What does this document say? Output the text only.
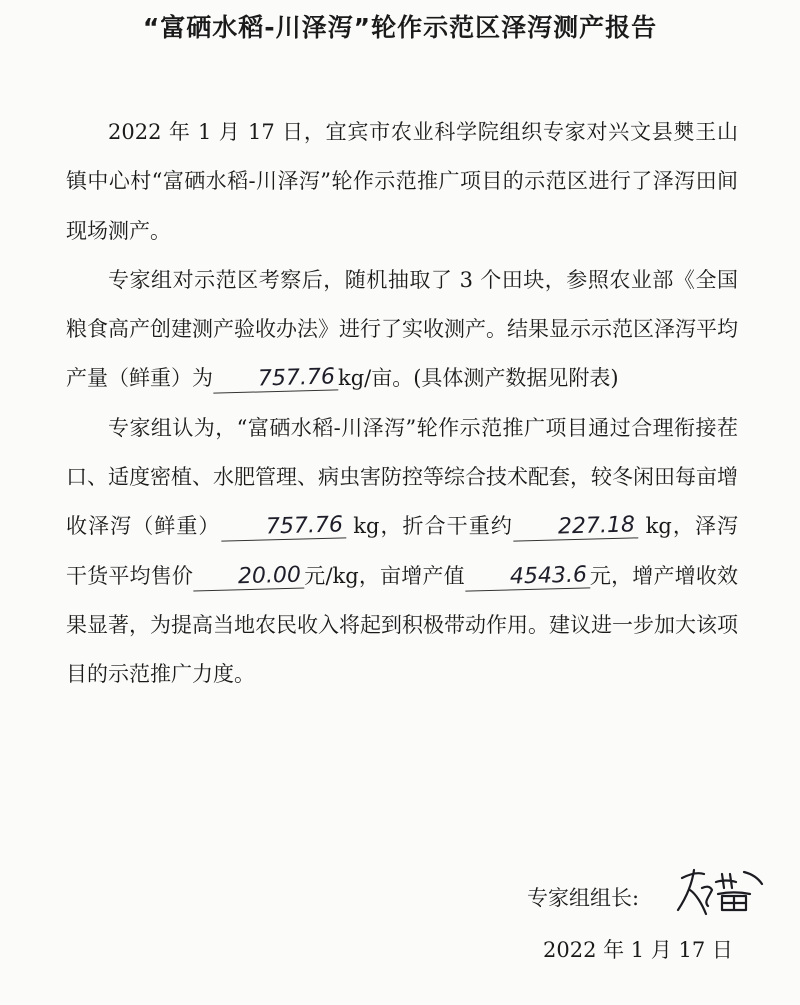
“富硒水稻-川泽泻”轮作示范区泽泻测产报告

2022 年 1 月 17 日，宜宾市农业科学院组织专家对兴文县僰王山镇中心村“富硒水稻-川泽泻”轮作示范推广项目的示范区进行了泽泻田间现场测产。

专家组对示范区考察后，随机抽取了 3 个田块，参照农业部《全国粮食高产创建测产验收办法》进行了实收测产。结果显示示范区泽泻平均产量（鲜重）为 757.76 kg/亩。(具体测产数据见附表)

专家组认为，“富硒水稻-川泽泻”轮作示范推广项目通过合理衔接茬口、适度密植、水肥管理、病虫害防控等综合技术配套，较冬闲田每亩增收泽泻（鲜重） 757.76 kg，折合干重约 227.18 kg，泽泻干货平均售价 20.00 元/kg，亩增产值 4543.6 元，增产增收效果显著，为提高当地农民收入将起到积极带动作用。建议进一步加大该项目的示范推广力度。

专家组组长:
2022 年 1 月 17 日
